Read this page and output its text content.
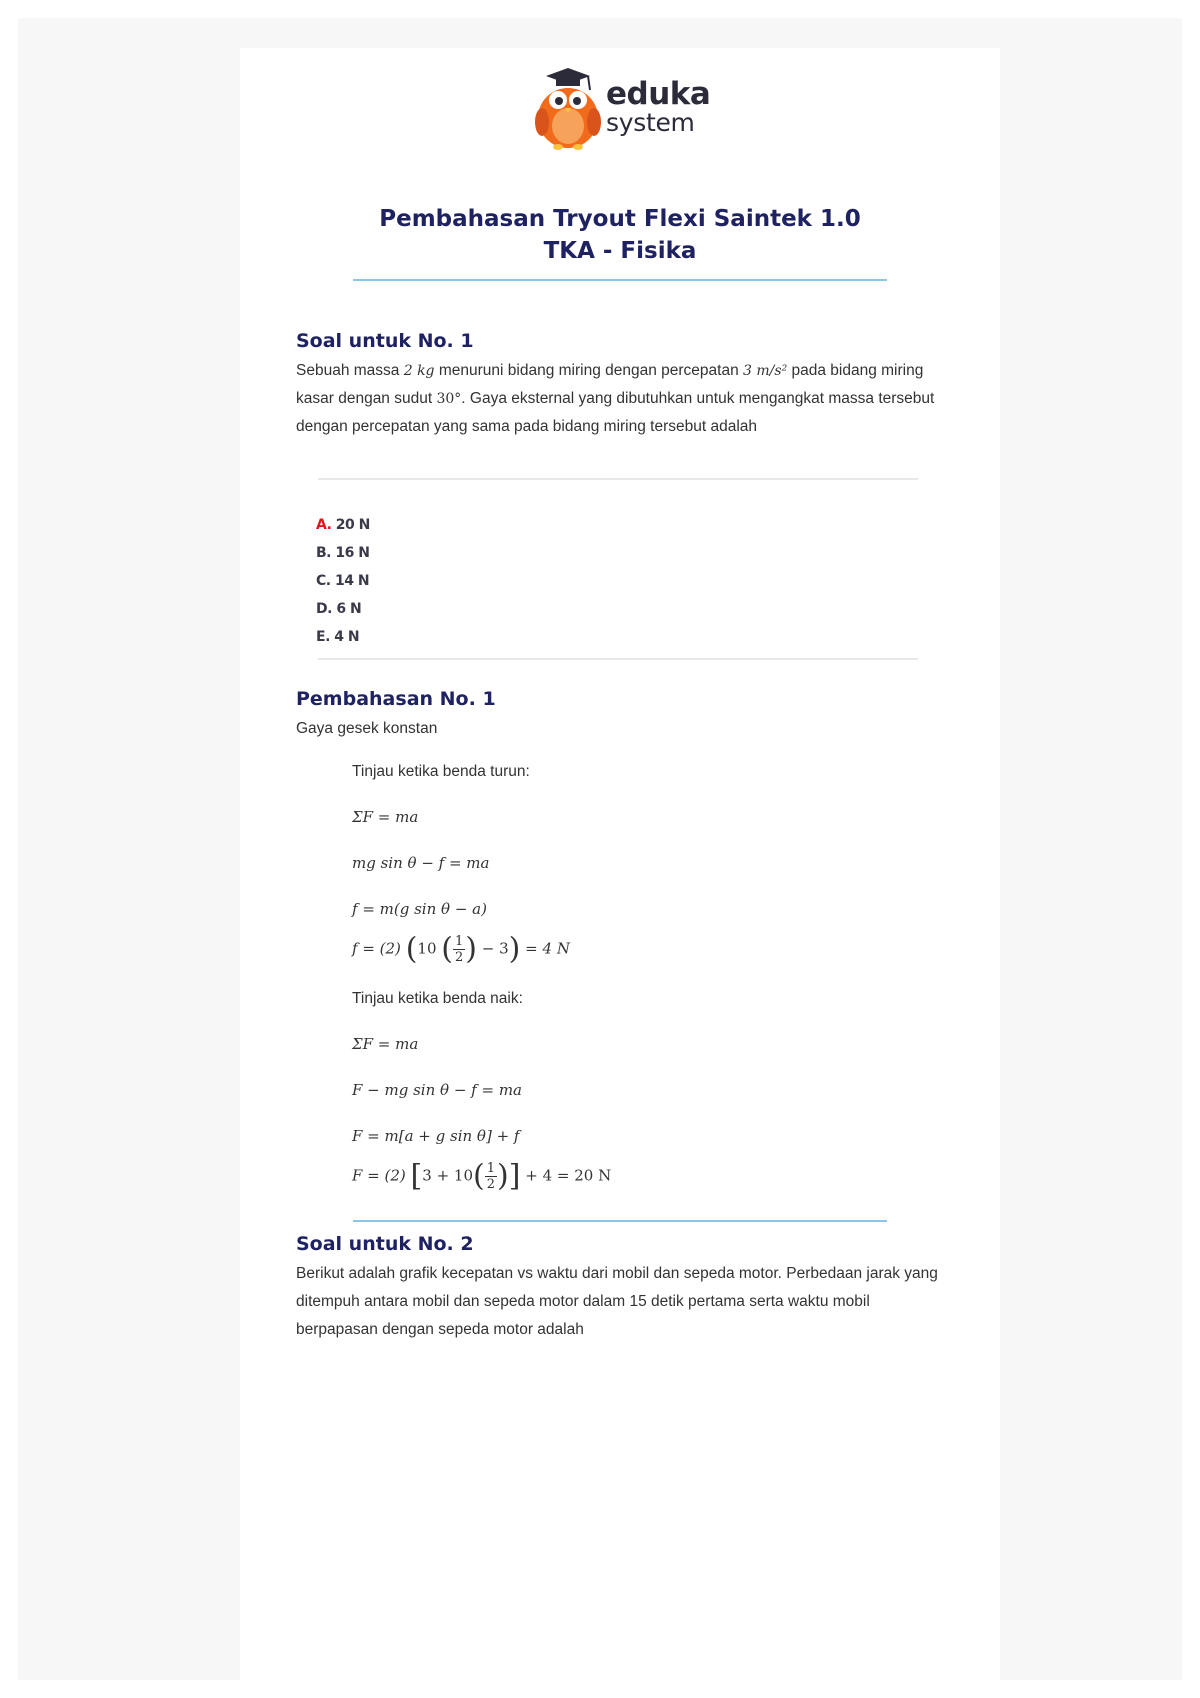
eduka
system
Pembahasan Tryout Flexi Saintek 1.0
TKA - Fisika
Soal untuk No. 1
Sebuah massa 2 kg menuruni bidang miring dengan percepatan 3 m/s² pada bidang miring kasar dengan sudut 30°. Gaya eksternal yang dibutuhkan untuk mengangkat massa tersebut dengan percepatan yang sama pada bidang miring tersebut adalah
A. 20 N
B. 16 N
C. 14 N
D. 6 N
E. 4 N
Pembahasan No. 1
Gaya gesek konstan
Tinjau ketika benda turun:
ΣF = ma
mg sin θ − f = ma
f = m(g sin θ − a)
f = (2) (10 ( $\frac{1}{2}$ ) − 3) = 4 N
Tinjau ketika benda naik:
ΣF = ma
F − mg sin θ − f = ma
F = m[a + g sin θ] + f
F = (2) [$3 + 10( \frac{1}{2}$ )] + 4 = 20 N
Soal untuk No. 2
Berikut adalah grafik kecepatan vs waktu dari mobil dan sepeda motor. Perbedaan jarak yang ditempuh antara mobil dan sepeda motor dalam 15 detik pertama serta waktu mobil berpapasan dengan sepeda motor adalah
